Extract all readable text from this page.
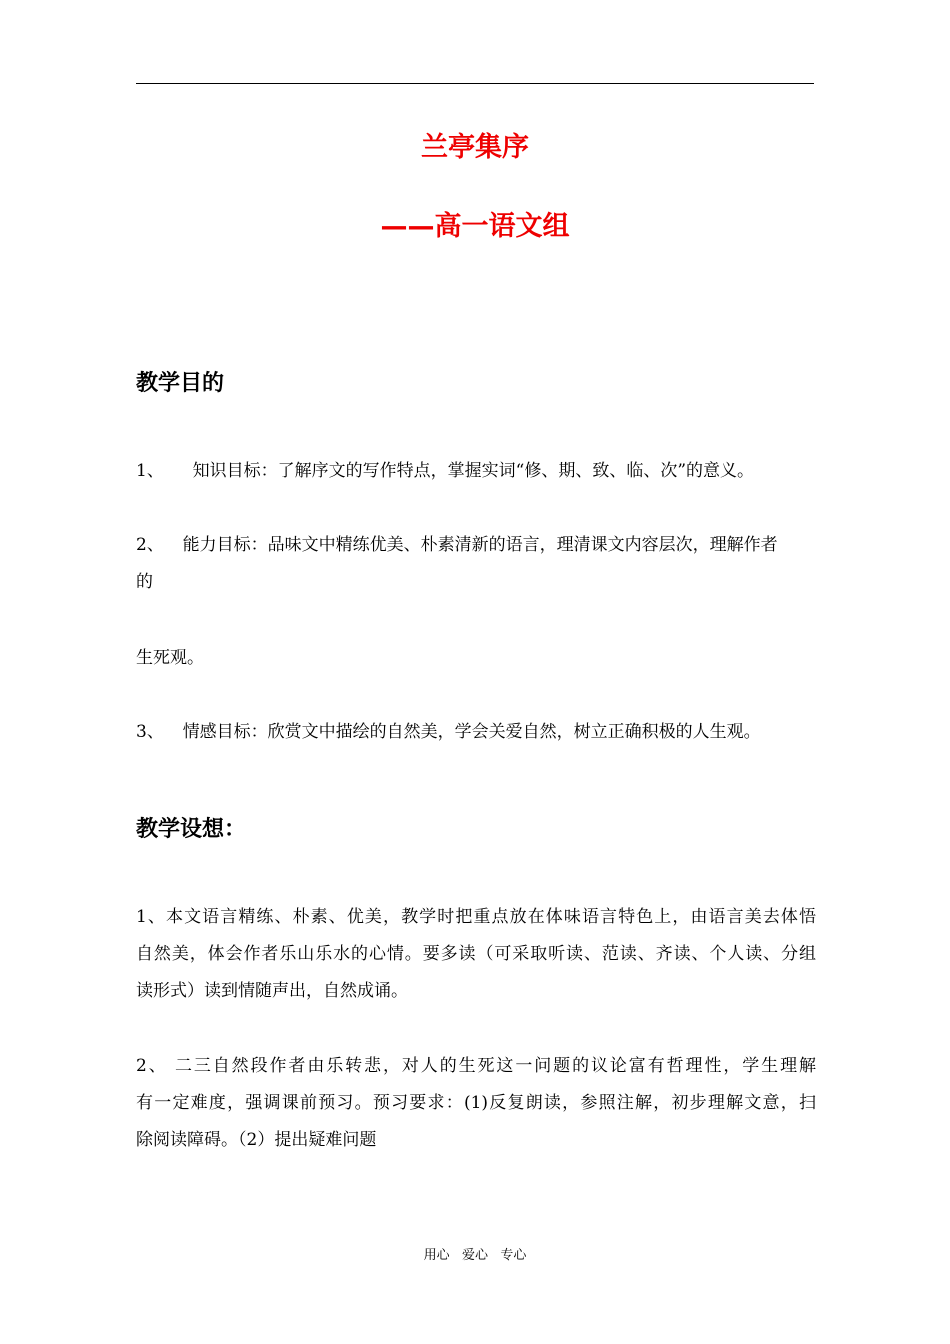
兰亭集序
——高一语文组
教学目的
1、 知识目标：了解序文的写作特点，掌握实词“修、期、致、临、次”的意义。
2、 能力目标：品味文中精练优美、朴素清新的语言，理清课文内容层次，理解作者
的
生死观。
3、 情感目标：欣赏文中描绘的自然美，学会关爱自然，树立正确积极的人生观。
教学设想：
1、本文语言精练、朴素、优美，教学时把重点放在体味语言特色上，由语言美去体悟
自然美，体会作者乐山乐水的心情。要多读（可采取听读、范读、齐读、个人读、分组
读形式）读到情随声出，自然成诵。
2、 二三自然段作者由乐转悲，对人的生死这一问题的议论富有哲理性，学生理解
有一定难度，强调课前预习。预习要求：(1)反复朗读，参照注解，初步理解文意，扫
除阅读障碍。（2）提出疑难问题
用心   爱心   专心
